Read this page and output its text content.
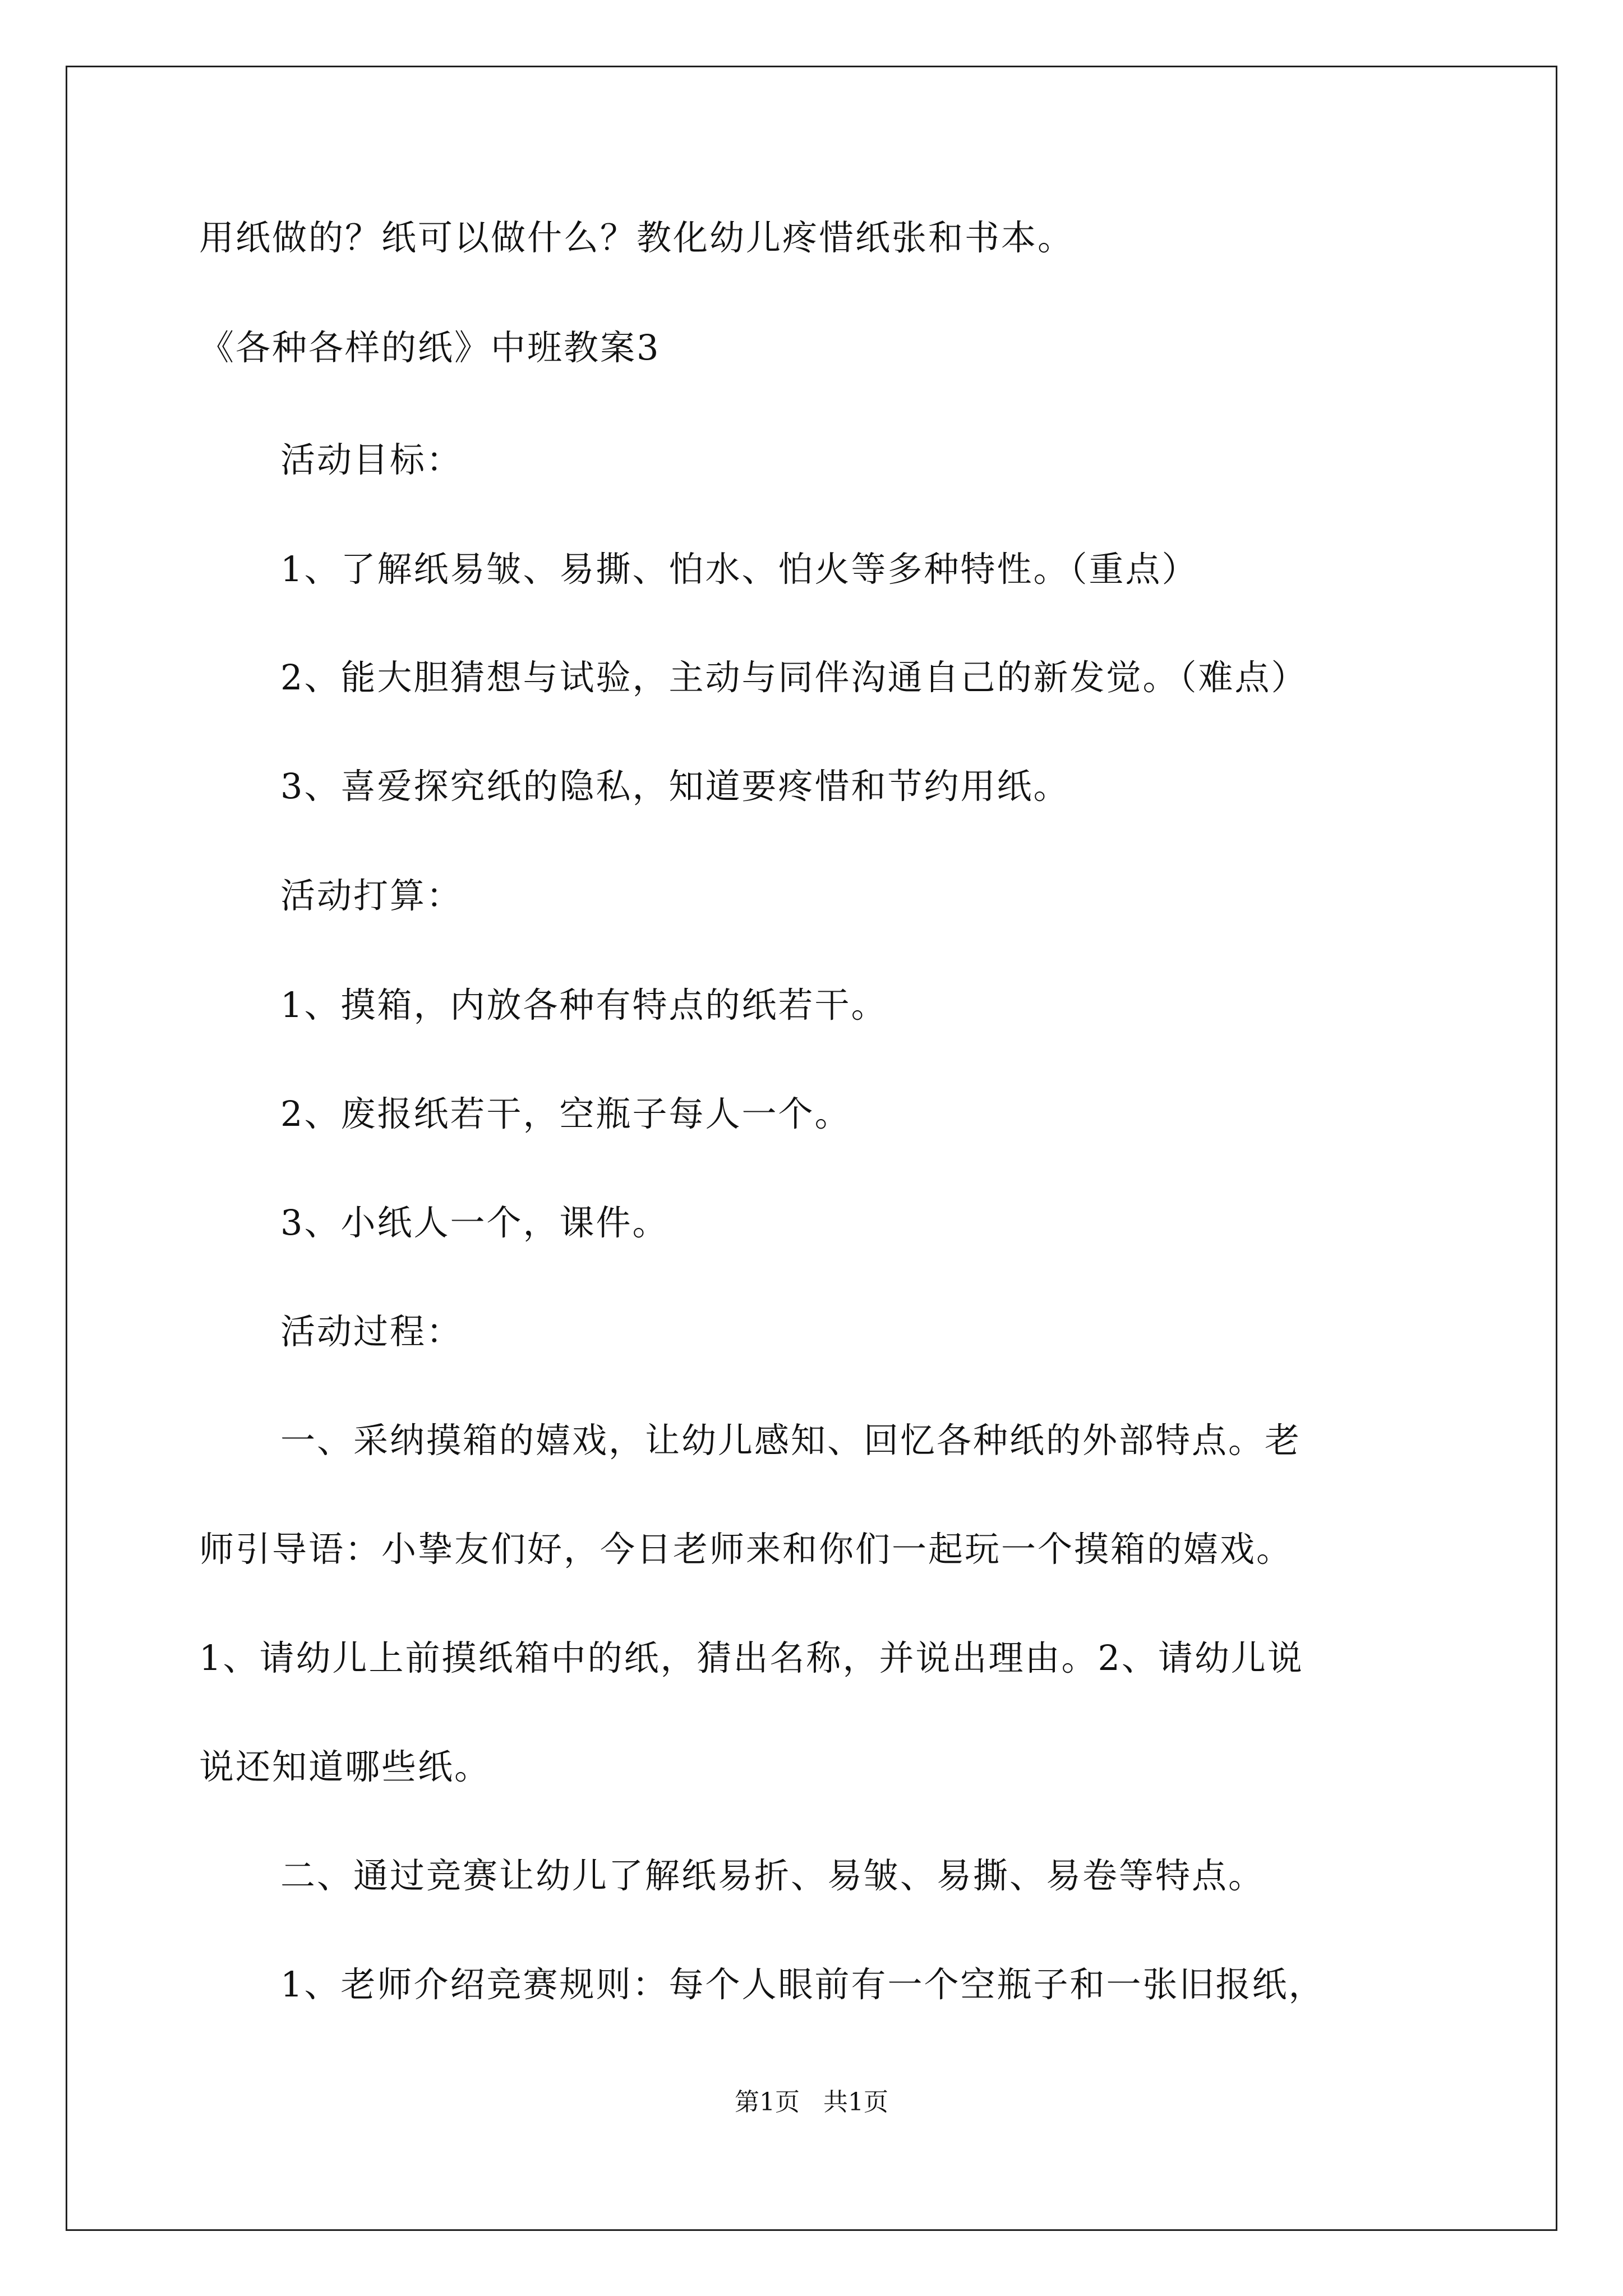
用纸做的？纸可以做什么？教化幼儿疼惜纸张和书本。

《各种各样的纸》中班教案3

活动目标：

1、了解纸易皱、易撕、怕水、怕火等多种特性。（重点）

2、能大胆猜想与试验，主动与同伴沟通自己的新发觉。（难点）

3、喜爱探究纸的隐私，知道要疼惜和节约用纸。

活动打算：

1、摸箱，内放各种有特点的纸若干。

2、废报纸若干，空瓶子每人一个。

3、小纸人一个，课件。

活动过程：

一、采纳摸箱的嬉戏，让幼儿感知、回忆各种纸的外部特点。老

师引导语：小挚友们好，今日老师来和你们一起玩一个摸箱的嬉戏。

1、请幼儿上前摸纸箱中的纸，猜出名称，并说出理由。2、请幼儿说

说还知道哪些纸。

二、通过竞赛让幼儿了解纸易折、易皱、易撕、易卷等特点。

1、老师介绍竞赛规则：每个人眼前有一个空瓶子和一张旧报纸，

第1页   共1页
